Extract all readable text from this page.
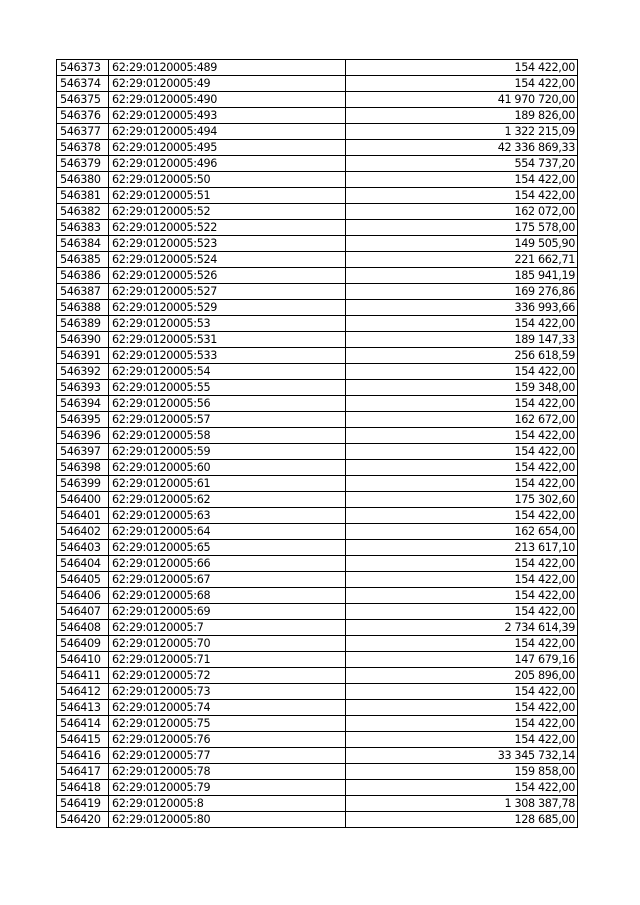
546373	62:29:0120005:489	154 422,00
546374	62:29:0120005:49	154 422,00
546375	62:29:0120005:490	41 970 720,00
546376	62:29:0120005:493	189 826,00
546377	62:29:0120005:494	1 322 215,09
546378	62:29:0120005:495	42 336 869,33
546379	62:29:0120005:496	554 737,20
546380	62:29:0120005:50	154 422,00
546381	62:29:0120005:51	154 422,00
546382	62:29:0120005:52	162 072,00
546383	62:29:0120005:522	175 578,00
546384	62:29:0120005:523	149 505,90
546385	62:29:0120005:524	221 662,71
546386	62:29:0120005:526	185 941,19
546387	62:29:0120005:527	169 276,86
546388	62:29:0120005:529	336 993,66
546389	62:29:0120005:53	154 422,00
546390	62:29:0120005:531	189 147,33
546391	62:29:0120005:533	256 618,59
546392	62:29:0120005:54	154 422,00
546393	62:29:0120005:55	159 348,00
546394	62:29:0120005:56	154 422,00
546395	62:29:0120005:57	162 672,00
546396	62:29:0120005:58	154 422,00
546397	62:29:0120005:59	154 422,00
546398	62:29:0120005:60	154 422,00
546399	62:29:0120005:61	154 422,00
546400	62:29:0120005:62	175 302,60
546401	62:29:0120005:63	154 422,00
546402	62:29:0120005:64	162 654,00
546403	62:29:0120005:65	213 617,10
546404	62:29:0120005:66	154 422,00
546405	62:29:0120005:67	154 422,00
546406	62:29:0120005:68	154 422,00
546407	62:29:0120005:69	154 422,00
546408	62:29:0120005:7	2 734 614,39
546409	62:29:0120005:70	154 422,00
546410	62:29:0120005:71	147 679,16
546411	62:29:0120005:72	205 896,00
546412	62:29:0120005:73	154 422,00
546413	62:29:0120005:74	154 422,00
546414	62:29:0120005:75	154 422,00
546415	62:29:0120005:76	154 422,00
546416	62:29:0120005:77	33 345 732,14
546417	62:29:0120005:78	159 858,00
546418	62:29:0120005:79	154 422,00
546419	62:29:0120005:8	1 308 387,78
546420	62:29:0120005:80	128 685,00
